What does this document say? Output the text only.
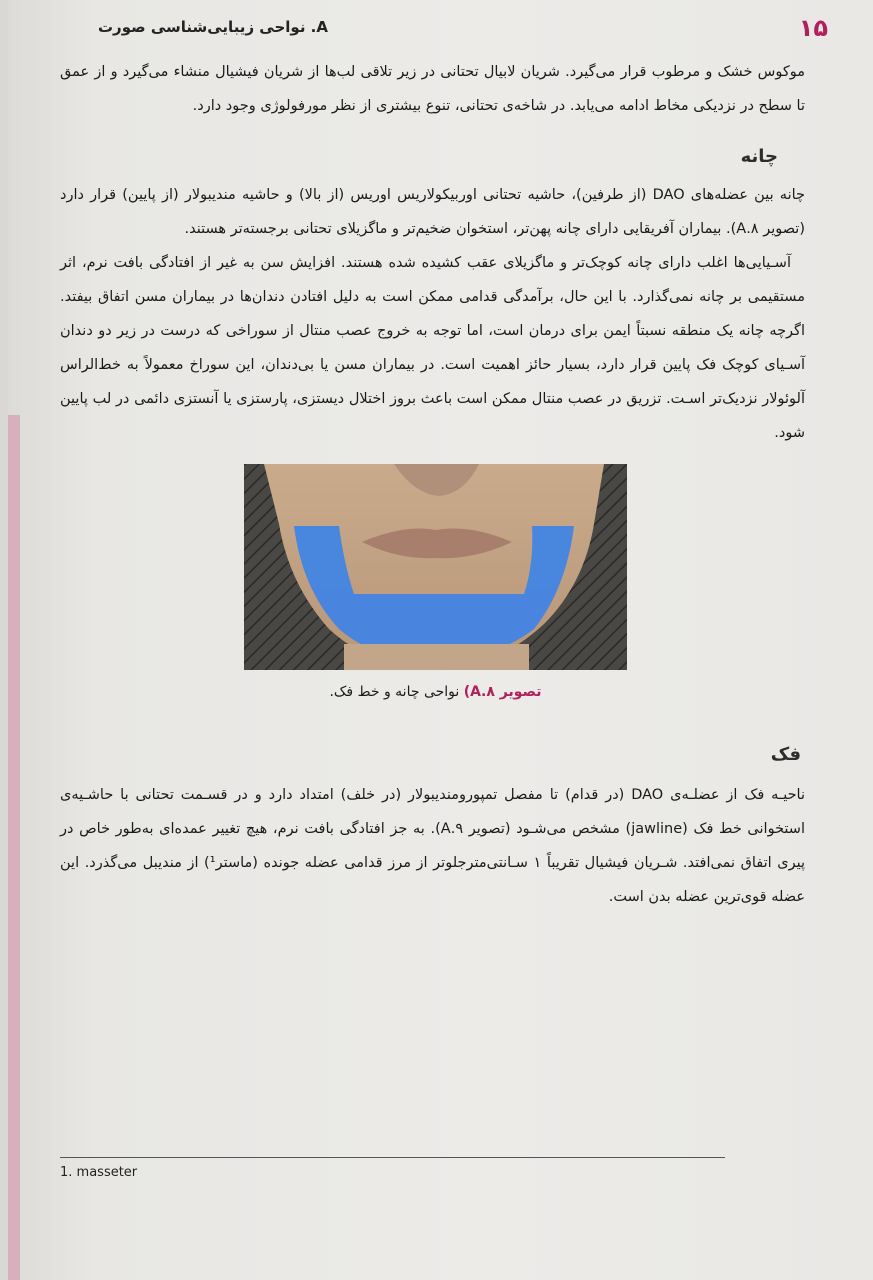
۱۵
A. نواحی زیبایی‌شناسی صورت

موکوس خشک و مرطوب قرار می‌گیرد. شریان لابیال تحتانی در زیر تلاقی لب‌ها از شریان فیشیال منشاء می‌گیرد و از عمق تا سطح در نزدیکی مخاط ادامه می‌یابد. در شاخه‌ی تحتانی، تنوع بیشتری از نظر مورفولوژی وجود دارد.

چانه

چانه بین عضله‌های DAO (از طرفین)، حاشیه تحتانی اوربیکولاریس اوریس (از بالا) و حاشیه مندیبولار (از پایین) قرار دارد (تصویر ۸.A). بیماران آفریقایی دارای چانه پهن‌تر، استخوان ضخیم‌تر و ماگزیلای تحتانی برجسته‌تر هستند.

آسـیایی‌ها اغلب دارای چانه کوچک‌تر و ماگزیلای عقب کشیده شده هستند. افزایش سن به غیر از افتادگی بافت نرم، اثر مستقیمی بر چانه نمی‌گذارد. با این حال، برآمدگی قدامی ممکن است به دلیل افتادن دندان‌ها در بیماران مسن اتفاق بیفتد. اگرچه چانه یک منطقه نسبتاً ایمن برای درمان است، اما توجه به خروج عصب منتال از سوراخی که درست در زیر دو دندان آسـیای کوچک فک پایین قرار دارد، بسیار حائز اهمیت است. در بیماران مسن یا بی‌دندان، این سوراخ معمولاً به خط‌الراس آلوئولار نزدیک‌تر اسـت. تزریق در عصب منتال ممکن است باعث بروز اختلال دیستزی، پارستزی یا آنستزی دائمی در لب پایین شود.

تصویر ۸.A) نواحی چانه و خط فک.
فک

ناحیـه فک از عضلـه‌ی DAO (در قدام) تا مفصل تمپورومندیبولار (در خلف) امتداد دارد و در قسـمت تحتانی با حاشـیه‌ی استخوانی خط فک (jawline) مشخص می‌شـود (تصویر ۹.A). به جز افتادگی بافت نرم، هیچ تغییر عمده‌ای به‌طور خاص در پیری اتفاق نمی‌افتد. شـریان فیشیال تقریباً ۱ سـانتی‌مترجلوتر از مرز قدامی عضله جونده (ماستر¹) از مندیبل می‌گذرد. این عضله قوی‌ترین عضله بدن است.

1. masseter
